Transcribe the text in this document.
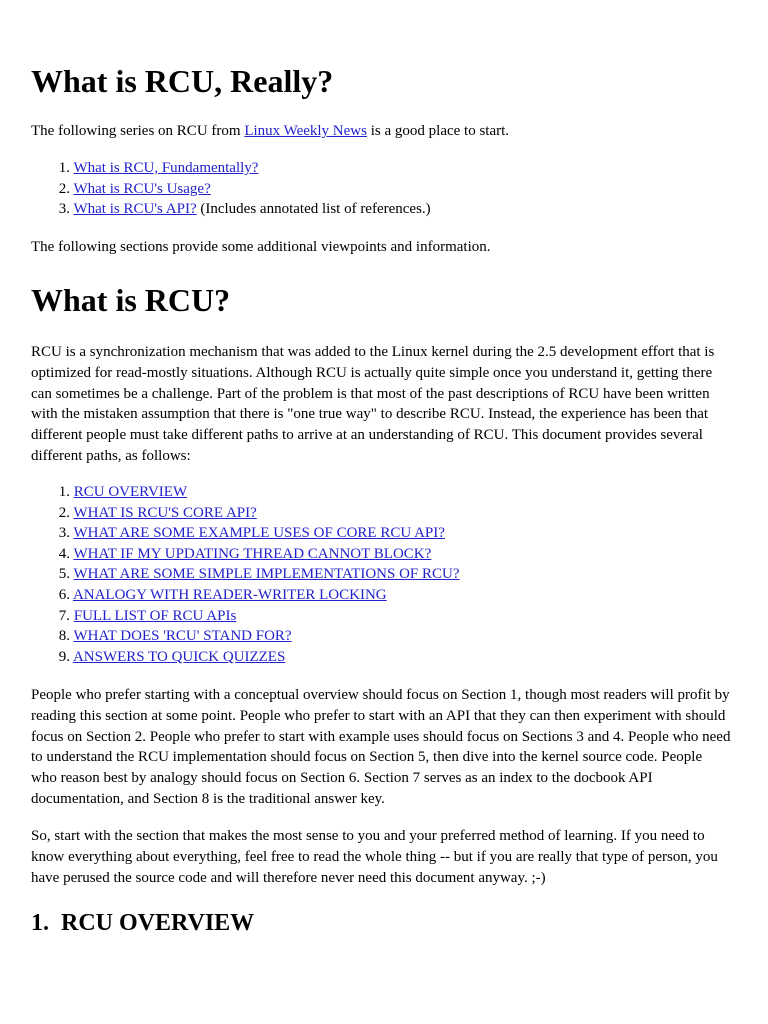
What is RCU, Really?

The following series on RCU from Linux Weekly News is a good place to start.

1. What is RCU, Fundamentally?
2. What is RCU's Usage?
3. What is RCU's API? (Includes annotated list of references.)

The following sections provide some additional viewpoints and information.

What is RCU?

RCU is a synchronization mechanism that was added to the Linux kernel during the 2.5 development effort that is optimized for read-mostly situations. Although RCU is actually quite simple once you understand it, getting there can sometimes be a challenge. Part of the problem is that most of the past descriptions of RCU have been written with the mistaken assumption that there is "one true way" to describe RCU. Instead, the experience has been that different people must take different paths to arrive at an understanding of RCU. This document provides several different paths, as follows:

1. RCU OVERVIEW
2. WHAT IS RCU'S CORE API?
3. WHAT ARE SOME EXAMPLE USES OF CORE RCU API?
4. WHAT IF MY UPDATING THREAD CANNOT BLOCK?
5. WHAT ARE SOME SIMPLE IMPLEMENTATIONS OF RCU?
6. ANALOGY WITH READER-WRITER LOCKING
7. FULL LIST OF RCU APIs
8. WHAT DOES 'RCU' STAND FOR?
9. ANSWERS TO QUICK QUIZZES

People who prefer starting with a conceptual overview should focus on Section 1, though most readers will profit by reading this section at some point. People who prefer to start with an API that they can then experiment with should focus on Section 2. People who prefer to start with example uses should focus on Sections 3 and 4. People who need to understand the RCU implementation should focus on Section 5, then dive into the kernel source code. People who reason best by analogy should focus on Section 6. Section 7 serves as an index to the docbook API documentation, and Section 8 is the traditional answer key.

So, start with the section that makes the most sense to you and your preferred method of learning. If you need to know everything about everything, feel free to read the whole thing -- but if you are really that type of person, you have perused the source code and will therefore never need this document anyway. ;-)

1.  RCU OVERVIEW
